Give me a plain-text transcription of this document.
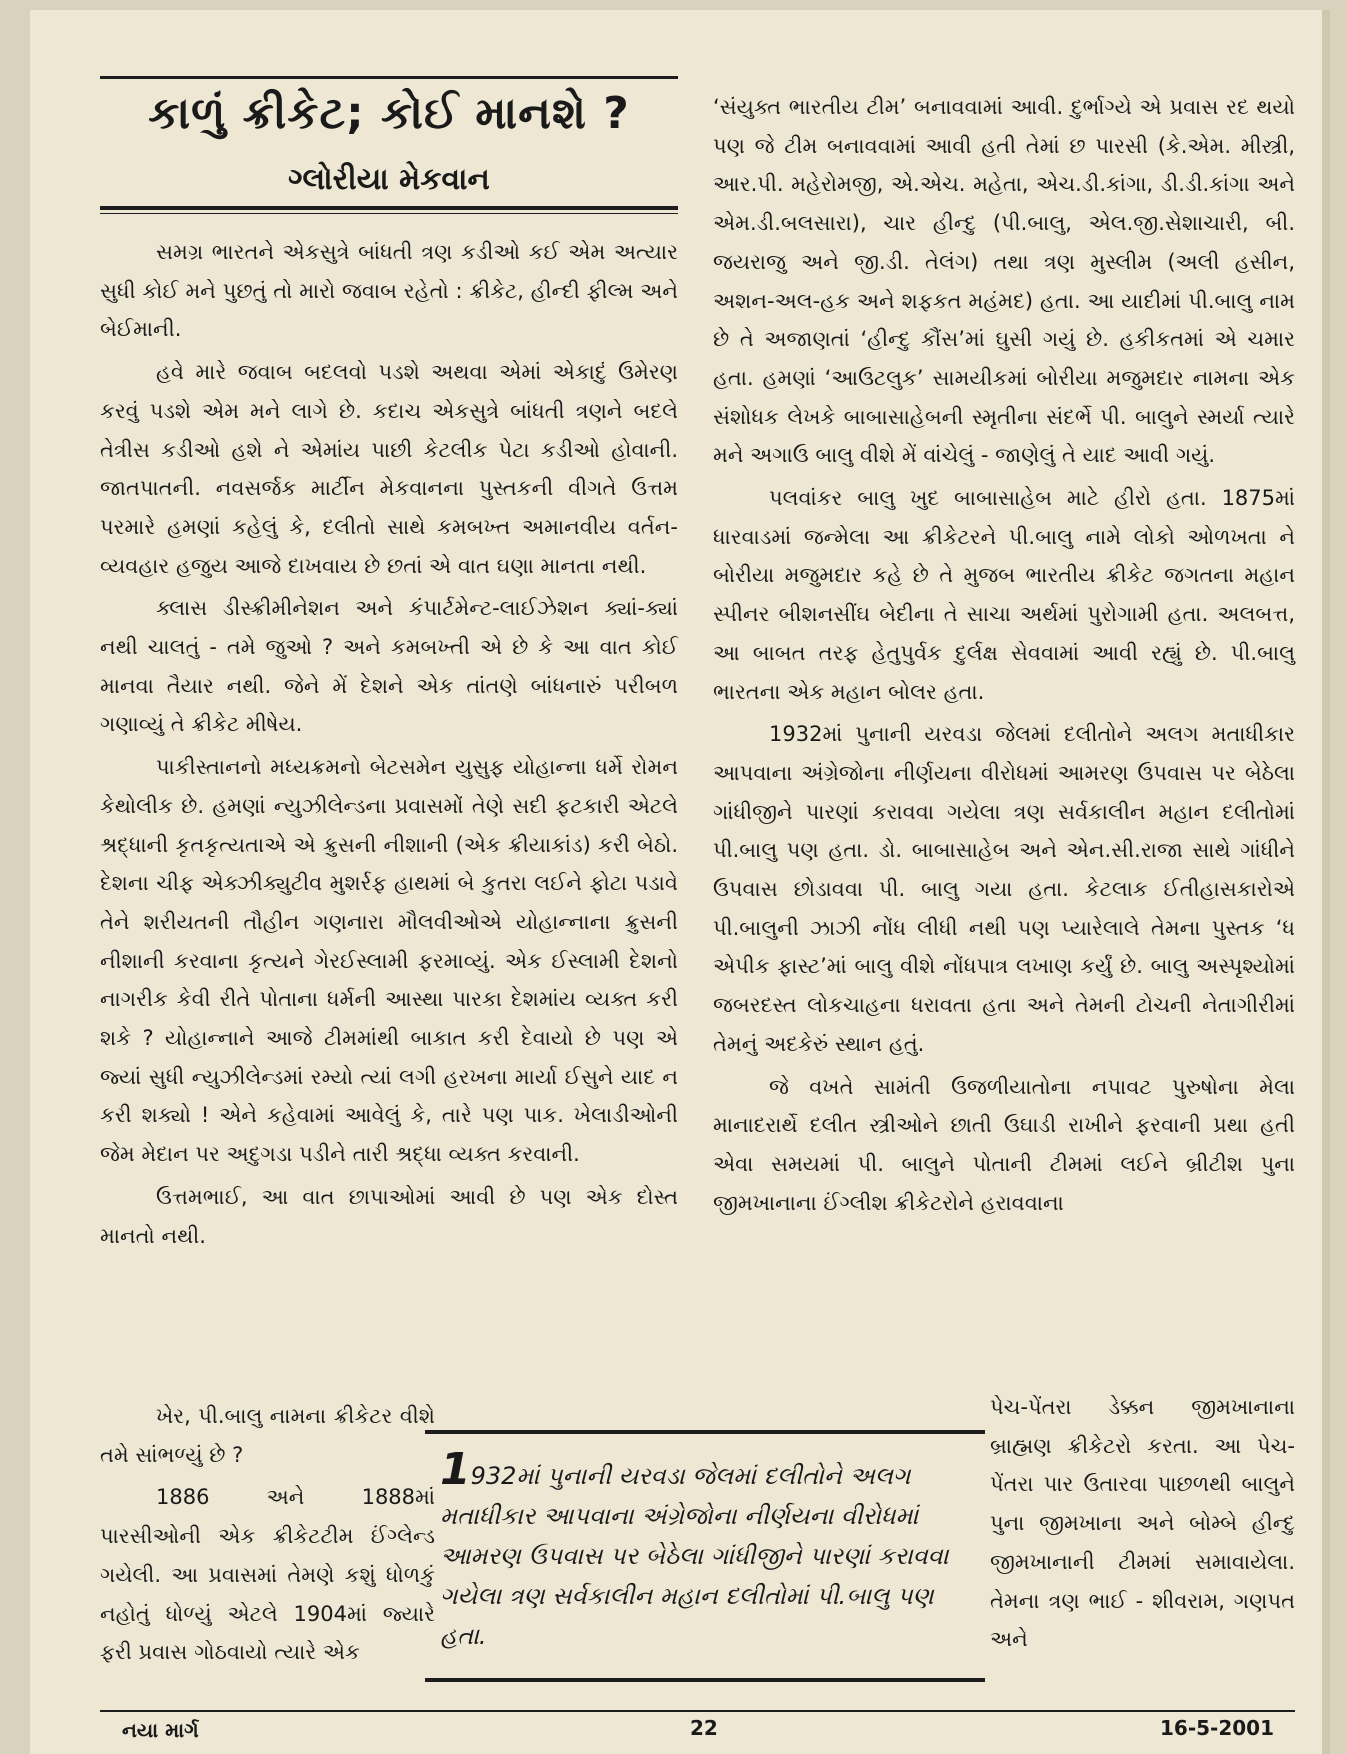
કાળું ક્રીકેટ; કોઈ માનશે ?
ગ્લોરીયા મેકવાન

સમગ્ર ભારતને એકસુત્રે બાંધતી ત્રણ કડીઓ કઈ એમ અત્યાર સુધી કોઈ મને પુછતું તો મારો જવાબ રહેતો : ક્રીકેટ, હીન્દી ફીલ્મ અને બેઈમાની.

હવે મારે જવાબ બદલવો પડશે અથવા એમાં એકાદું ઉમેરણ કરવું પડશે એમ મને લાગે છે. કદાચ એકસુત્રે બાંધતી ત્રણને બદલે તેત્રીસ કડીઓ હશે ને એમાંય પાછી કેટલીક પેટા કડીઓ હોવાની. જાતપાતની. નવસર્જક માર્ટીન મેકવાનના પુસ્તકની વીગતે ઉત્તમ પરમારે હમણાં કહેલું કે, દલીતો સાથે કમબખ્ત અમાનવીય વર્તન-વ્યવહાર હજુય આજે દાખવાય છે છતાં એ વાત ઘણા માનતા નથી.

ક્લાસ ડીસ્ક્રીમીનેશન અને કંપાર્ટમેન્ટ-લાઈઝેશન ક્યાં-ક્યાં નથી ચાલતું - તમે જુઓ ? અને કમબખ્તી એ છે કે આ વાત કોઈ માનવા તૈયાર નથી. જેને મેં દેશને એક તાંતણે બાંધનારું પરીબળ ગણાવ્યું તે ક્રીકેટ મીષેય.

પાકીસ્તાનનો મધ્યક્રમનો બેટસમેન યુસુફ યોહાન્ના ધર્મે રોમન કેથોલીક છે. હમણાં ન્યુઝીલેન્ડના પ્રવાસમોં તેણે સદી ફટકારી એટલે શ્રદ્ધાની કૃતકૃત્યતાએ એ ક્રુસની નીશાની (એક ક્રીયાકાંડ) કરી બેઠો. દેશના ચીફ એક્ઝીક્યુટીવ મુશર્રફ હાથમાં બે કુતરા લઈને ફોટા પડાવે તેને શરીયતની તૌહીન ગણનારા મૌલવીઓએ યોહાન્નાના ક્રુસની નીશાની કરવાના કૃત્યને ગેરઈસ્લામી ફરમાવ્યું. એક ઈસ્લામી દેશનો નાગરીક કેવી રીતે પોતાના ધર્મની આસ્થા પારકા દેશમાંય વ્યક્ત કરી શકે ? યોહાન્નાને આજે ટીમમાંથી બાકાત કરી દેવાયો છે પણ એ જ્યાં સુધી ન્યુઝીલેન્ડમાં રમ્યો ત્યાં લગી હરખના માર્યા ઈસુને યાદ ન કરી શક્યો ! એને કહેવામાં આવેલું કે, તારે પણ પાક. ખેલાડીઓની જેમ મેદાન પર અદુગડા પડીને તારી શ્રદ્ધા વ્યક્ત કરવાની.

ઉત્તમભાઈ, આ વાત છાપાઓમાં આવી છે પણ એક દોસ્ત માનતો નથી.

ખેર, પી.બાલુ નામના ક્રીકેટર વીશે તમે સાંભળ્યું છે ?

1886 અને 1888માં પારસીઓની એક ક્રીકેટટીમ ઈંગ્લેન્ડ ગયેલી. આ પ્રવાસમાં તેમણે કશું ધોળકું નહોતું ધોળ્યું એટલે 1904માં જ્યારે ફરી પ્રવાસ ગોઠવાયો ત્યારે એક

‘સંયુક્ત ભારતીય ટીમ’ બનાવવામાં આવી. દુર્ભાગ્યે એ પ્રવાસ રદ થયો પણ જે ટીમ બનાવવામાં આવી હતી તેમાં છ પારસી (કે.એમ. મીસ્ત્રી, આર.પી. મહેરોમજી, એ.એચ. મહેતા, એચ.ડી.કાંગા, ડી.ડી.કાંગા અને એમ.ડી.બલસારા), ચાર હીન્દુ (પી.બાલુ, એલ.જી.સેશાચારી, બી. જયરાજુ અને જી.ડી. તેલંગ) તથા ત્રણ મુસ્લીમ (અલી હસીન, અશન-અલ-હક અને શફકત મહંમદ) હતા. આ યાદીમાં પી.બાલુ નામ છે તે અજાણતાં ‘હીન્દુ કૌંસ’માં ઘુસી ગયું છે. હકીકતમાં એ ચમાર હતા. હમણાં ‘આઉટલુક’ સામયીકમાં બોરીયા મજુમદાર નામના એક સંશોધક લેખકે બાબાસાહેબની સ્મૃતીના સંદર્ભે પી. બાલુને સ્મર્યા ત્યારે મને અગાઉ બાલુ વીશે મેં વાંચેલું - જાણેલું તે યાદ આવી ગયું.

પલવાંકર બાલુ ખુદ બાબાસાહેબ માટે હીરો હતા. 1875માં ધારવાડમાં જન્મેલા આ ક્રીકેટરને પી.બાલુ નામે લોકો ઓળખતા ને બોરીયા મજુમદાર કહે છે તે મુજબ ભારતીય ક્રીકેટ જગતના મહાન સ્પીનર બીશનસીંઘ બેદીના તે સાચા અર્થમાં પુરોગામી હતા. અલબત્ત, આ બાબત તરફ હેતુપુર્વક દુર્લક્ષ સેવવામાં આવી રહ્યું છે. પી.બાલુ ભારતના એક મહાન બોલર હતા.

1932માં પુનાની યરવડા જેલમાં દલીતોને અલગ મતાધીકાર આપવાના અંગ્રેજોના નીર્ણયના વીરોધમાં આમરણ ઉપવાસ પર બેઠેલા ગાંધીજીને પારણાં કરાવવા ગયેલા ત્રણ સર્વકાલીન મહાન દલીતોમાં પી.બાલુ પણ હતા. ડો. બાબાસાહેબ અને એન.સી.રાજા સાથે ગાંધીને ઉપવાસ છોડાવવા પી. બાલુ ગયા હતા. કેટલાક ઈતીહાસકારોએ પી.બાલુની ઝાઝી નોંધ લીધી નથી પણ પ્યારેલાલે તેમના પુસ્તક ‘ધ એપીક ફાસ્ટ’માં બાલુ વીશે નોંધપાત્ર લખાણ કર્યું છે. બાલુ અસ્પૃશ્યોમાં જબરદસ્ત લોકચાહના ધરાવતા હતા અને તેમની ટોચની નેતાગીરીમાં તેમનું અદકેરું સ્થાન હતું.

જે વખતે સામંતી ઉજળીયાતોના નપાવટ પુરુષોના મેલા માનાદરાર્થે દલીત સ્ત્રીઓને છાતી ઉઘાડી રાખીને ફરવાની પ્રથા હતી એવા સમયમાં પી. બાલુને પોતાની ટીમમાં લઈને બ્રીટીશ પુના જીમખાનાના ઈંગ્લીશ ક્રીકેટરોને હરાવવાના

પેચ-પેંતરા ડેક્કન જીમખાનાના બ્રાહ્મણ ક્રીકેટરો કરતા. આ પેચ-પેંતરા પાર ઉતારવા પાછળથી બાલુને પુના જીમખાના અને બોમ્બે હીન્દુ જીમખાનાની ટીમમાં સમાવાયેલા. તેમના ત્રણ ભાઈ - શીવરામ, ગણપત અને

1932માં પુનાની યરવડા જેલમાં દલીતોને અલગ મતાધીકાર આપવાના અંગ્રેજોના નીર્ણયના વીરોધમાં આમરણ ઉપવાસ પર બેઠેલા ગાંધીજીને પારણાં કરાવવા ગયેલા ત્રણ સર્વકાલીન મહાન દલીતોમાં પી.બાલુ પણ હતા.
નયા માર્ગ	22	16-5-2001
